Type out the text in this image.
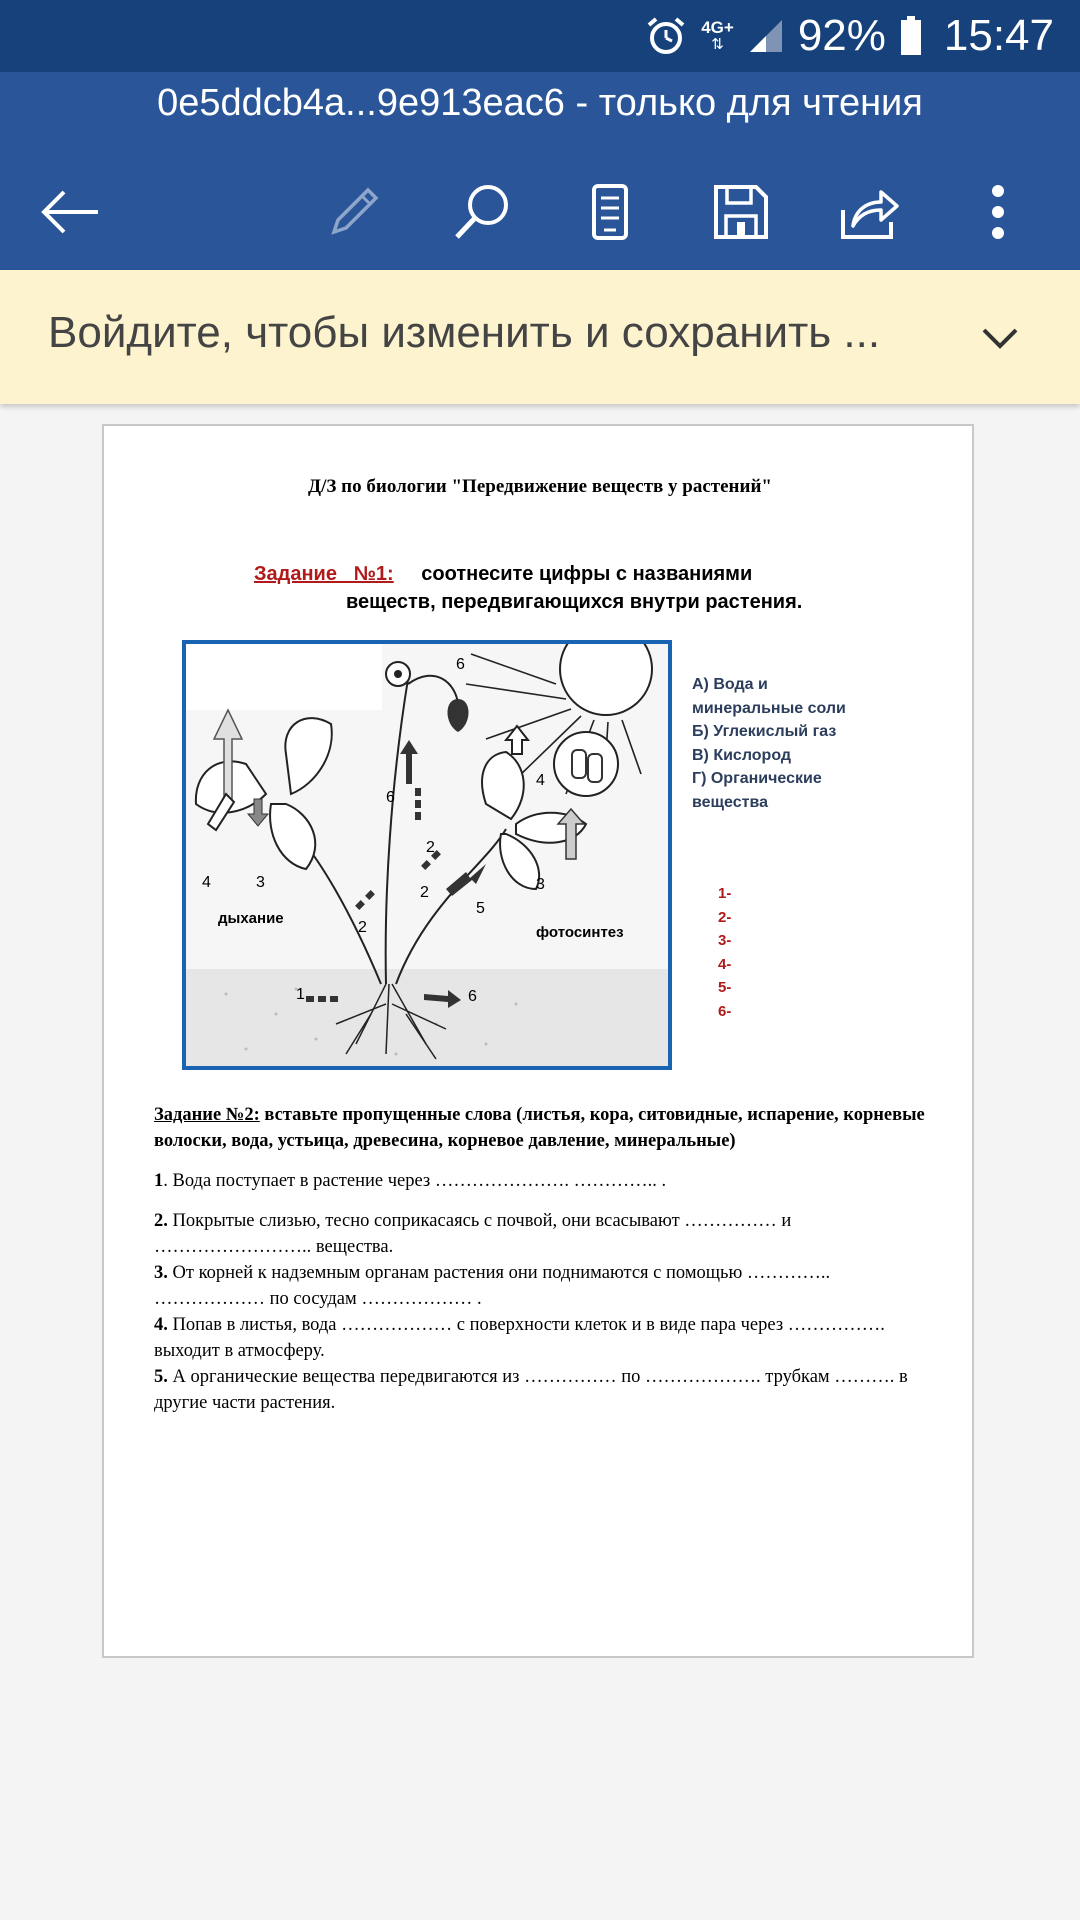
4G+
⇅ 92% 15:47
0e5ddcb4a...9e913eac6 - только для чтения
Войдите, чтобы изменить и сохранить ...
Д/З по биологии "Передвижение веществ у растений"
Задание   №1: соотнесите цифры с названиями
веществ, передвигающихся внутри растения.
6
6
4
2
4	3	3
2
5
2
1	6
дыхание
фотосинтез
А) Вода и
минеральные соли
Б) Углекислый газ
В) Кислород
Г) Органические
вещества
1-
2-
3-
4-
5-
6-

Задание №2: вставьте пропущенные слова (листья, кора, ситовидные, испарение, корневые волоски, вода, устьица, древесина, корневое давление, минеральные)

1. Вода поступает в растение через …………………. ………….. .

2. Покрытые слизью, тесно соприкасаясь с почвой, они всасывают …………… и …………………….. вещества.

3. От корней к надземным органам растения они поднимаются с помощью ………….. ……………… по сосудам ……………… .

4. Попав в листья, вода ……………… с поверхности клеток и в виде пара через ……………. выходит в атмосферу.

5. А органические вещества передвигаются из …………… по ………………. трубкам ………. в другие части растения.
